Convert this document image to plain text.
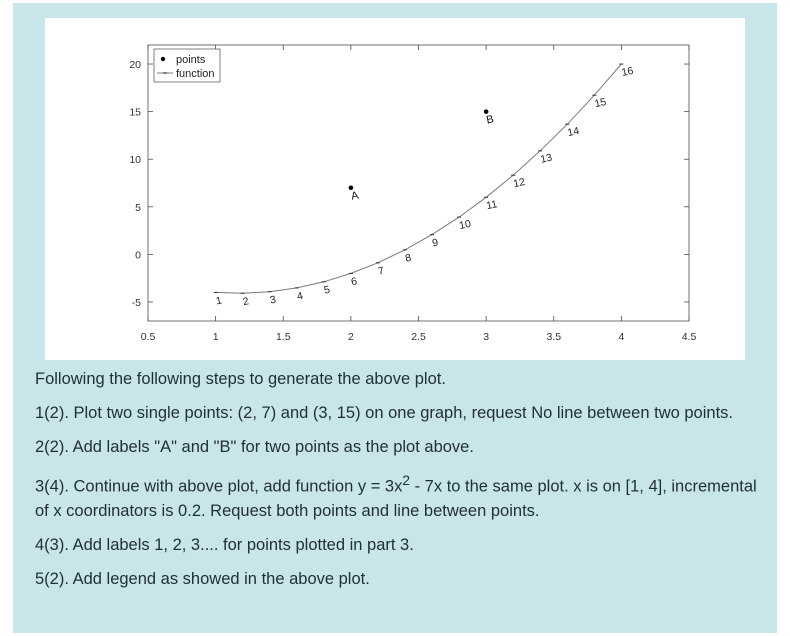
0.5	1	1.5	2	2.5	3	3.5	4	4.5
-5
0
5
10
15
20
1 2 3 4 5
6
7
8
9
10
11
12
13
14
15
16
A
B
points
function

Following the following steps to generate the above plot.

1(2). Plot two single points: (2, 7) and (3, 15) on one graph, request No line between two points.

2(2). Add labels "A" and "B" for two points as the plot above.

3(4). Continue with above plot, add function $y = 3x^2 - 7x$ to the same plot. x is on [1, 4], incremental of x coordinators is 0.2. Request both points and line between points.

4(3). Add labels 1, 2, 3.... for points plotted in part 3.

5(2). Add legend as showed in the above plot.
